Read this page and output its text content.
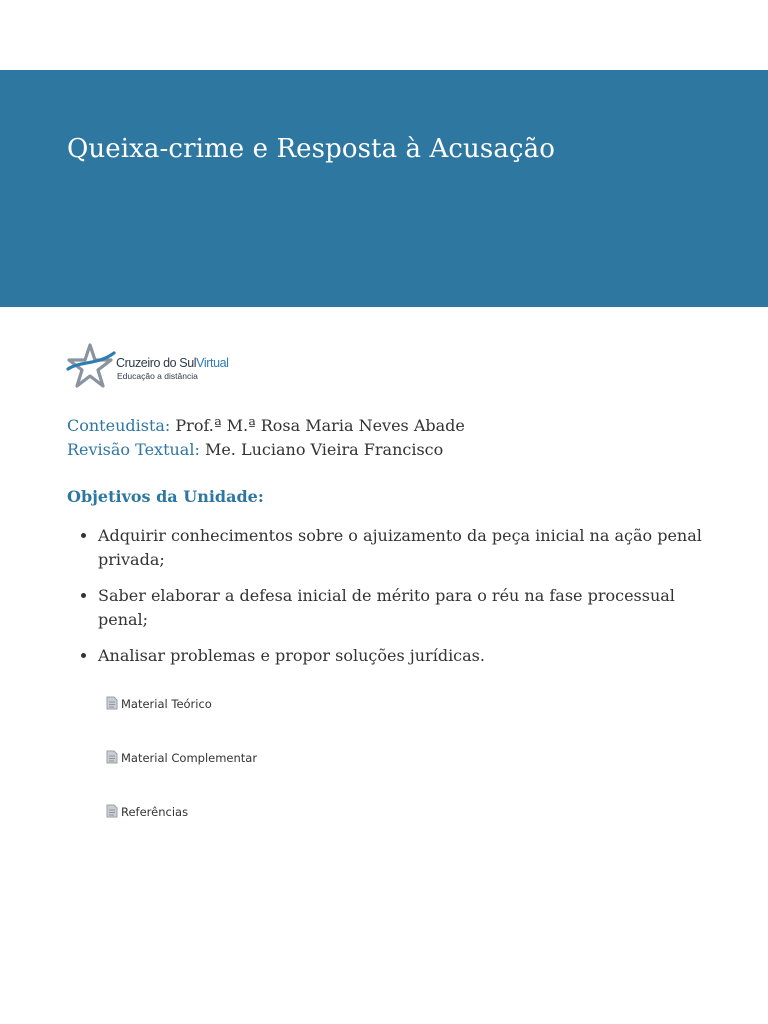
Queixa-crime e Resposta à Acusação
Cruzeiro do SulVirtual
Educação a distância
Conteudista: Prof.ª M.ª Rosa Maria Neves Abade
Revisão Textual: Me. Luciano Vieira Francisco
Objetivos da Unidade:
• Adquirir conhecimentos sobre o ajuizamento da peça inicial na ação penal privada;
• Saber elaborar a defesa inicial de mérito para o réu na fase processual penal;
• Analisar problemas e propor soluções jurídicas.
Material Teórico
Material Complementar
Referências
